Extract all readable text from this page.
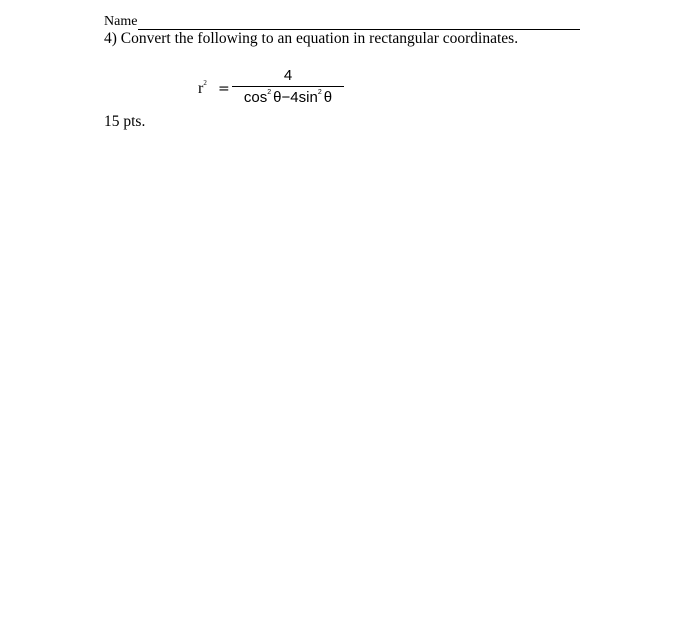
Name
4) Convert the following to an equation in rectangular coordinates.
$r^2$ =
4
$\cos^2 \theta-4\sin^2$ θ
15 pts.
